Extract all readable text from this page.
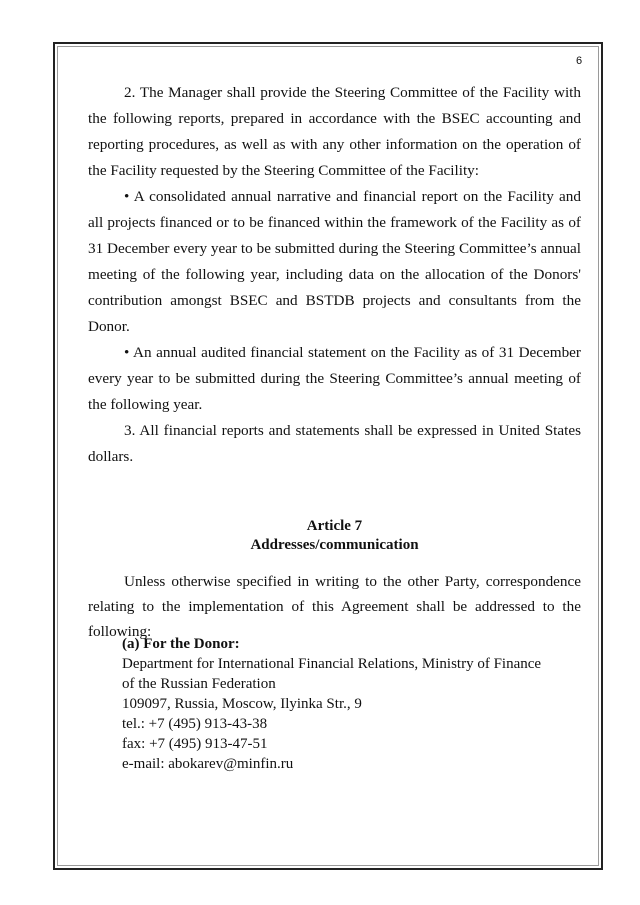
6

2. The Manager shall provide the Steering Committee of the Facility with the following reports, prepared in accordance with the BSEC accounting and reporting procedures, as well as with any other information on the operation of the Facility requested by the Steering Committee of the Facility:

• A consolidated annual narrative and financial report on the Facility and all projects financed or to be financed within the framework of the Facility as of 31 December every year to be submitted during the Steering Committee’s annual meeting of the following year, including data on the allocation of the Donors' contribution amongst BSEC and BSTDB projects and consultants from the Donor.

• An annual audited financial statement on the Facility as of 31 December every year to be submitted during the Steering Committee’s annual meeting of the following year.

3. All financial reports and statements shall be expressed in United States dollars.

Article 7
Addresses/communication

Unless otherwise specified in writing to the other Party, correspondence relating to the implementation of this Agreement shall be addressed to the following:

(a) For the Donor:
Department for International Financial Relations, Ministry of Finance
of the Russian Federation
109097, Russia, Moscow, Ilyinka Str., 9
tel.: +7 (495) 913-43-38
fax: +7 (495) 913-47-51
e-mail: abokarev@minfin.ru
